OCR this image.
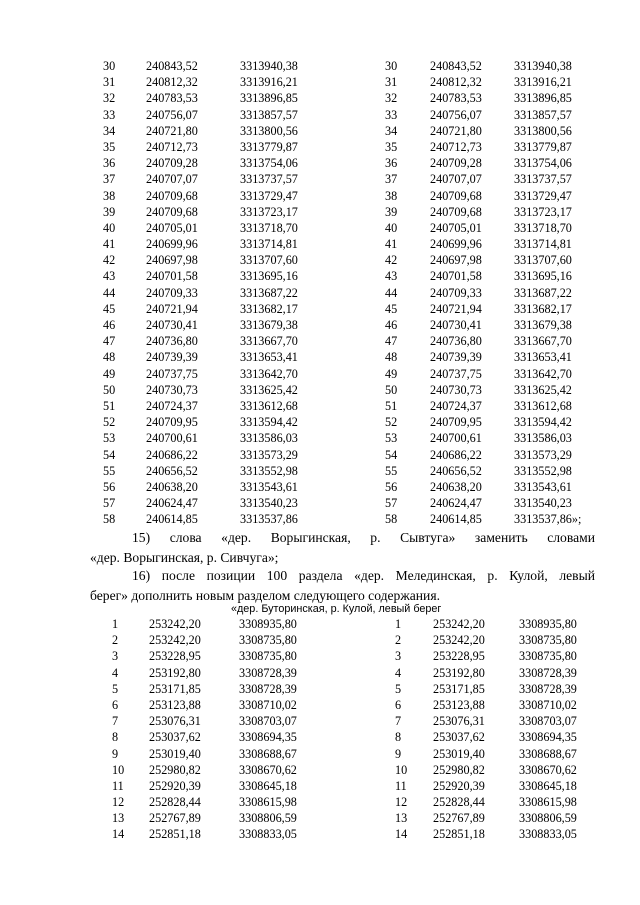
30	240843,52	3313940,38	30	240843,52	3313940,38
31	240812,32	3313916,21	31	240812,32	3313916,21
32	240783,53	3313896,85	32	240783,53	3313896,85
33	240756,07	3313857,57	33	240756,07	3313857,57
34	240721,80	3313800,56	34	240721,80	3313800,56
35	240712,73	3313779,87	35	240712,73	3313779,87
36	240709,28	3313754,06	36	240709,28	3313754,06
37	240707,07	3313737,57	37	240707,07	3313737,57
38	240709,68	3313729,47	38	240709,68	3313729,47
39	240709,68	3313723,17	39	240709,68	3313723,17
40	240705,01	3313718,70	40	240705,01	3313718,70
41	240699,96	3313714,81	41	240699,96	3313714,81
42	240697,98	3313707,60	42	240697,98	3313707,60
43	240701,58	3313695,16	43	240701,58	3313695,16
44	240709,33	3313687,22	44	240709,33	3313687,22
45	240721,94	3313682,17	45	240721,94	3313682,17
46	240730,41	3313679,38	46	240730,41	3313679,38
47	240736,80	3313667,70	47	240736,80	3313667,70
48	240739,39	3313653,41	48	240739,39	3313653,41
49	240737,75	3313642,70	49	240737,75	3313642,70
50	240730,73	3313625,42	50	240730,73	3313625,42
51	240724,37	3313612,68	51	240724,37	3313612,68
52	240709,95	3313594,42	52	240709,95	3313594,42
53	240700,61	3313586,03	53	240700,61	3313586,03
54	240686,22	3313573,29	54	240686,22	3313573,29
55	240656,52	3313552,98	55	240656,52	3313552,98
56	240638,20	3313543,61	56	240638,20	3313543,61
57	240624,47	3313540,23	57	240624,47	3313540,23
58	240614,85	3313537,86	58	240614,85	3313537,86»;
15) слова «дер. Ворыгинская, р. Сывтуга» заменить словами
«дер. Ворыгинская, р. Сивчуга»;
16) после позиции 100 раздела «дер. Мелединская, р. Кулой, левый
берег» дополнить новым разделом следующего содержания.
«дер. Буторинская, р. Кулой, левый берег
1	253242,20	3308935,80	1	253242,20	3308935,80
2	253242,20	3308735,80	2	253242,20	3308735,80
3	253228,95	3308735,80	3	253228,95	3308735,80
4	253192,80	3308728,39	4	253192,80	3308728,39
5	253171,85	3308728,39	5	253171,85	3308728,39
6	253123,88	3308710,02	6	253123,88	3308710,02
7	253076,31	3308703,07	7	253076,31	3308703,07
8	253037,62	3308694,35	8	253037,62	3308694,35
9	253019,40	3308688,67	9	253019,40	3308688,67
10 252980,82	3308670,62	10 252980,82	3308670,62
11 252920,39	3308645,18	11 252920,39	3308645,18
12 252828,44	3308615,98	12 252828,44	3308615,98
13 252767,89	3308806,59	13 252767,89	3308806,59
14 252851,18	3308833,05	14 252851,18	3308833,05
